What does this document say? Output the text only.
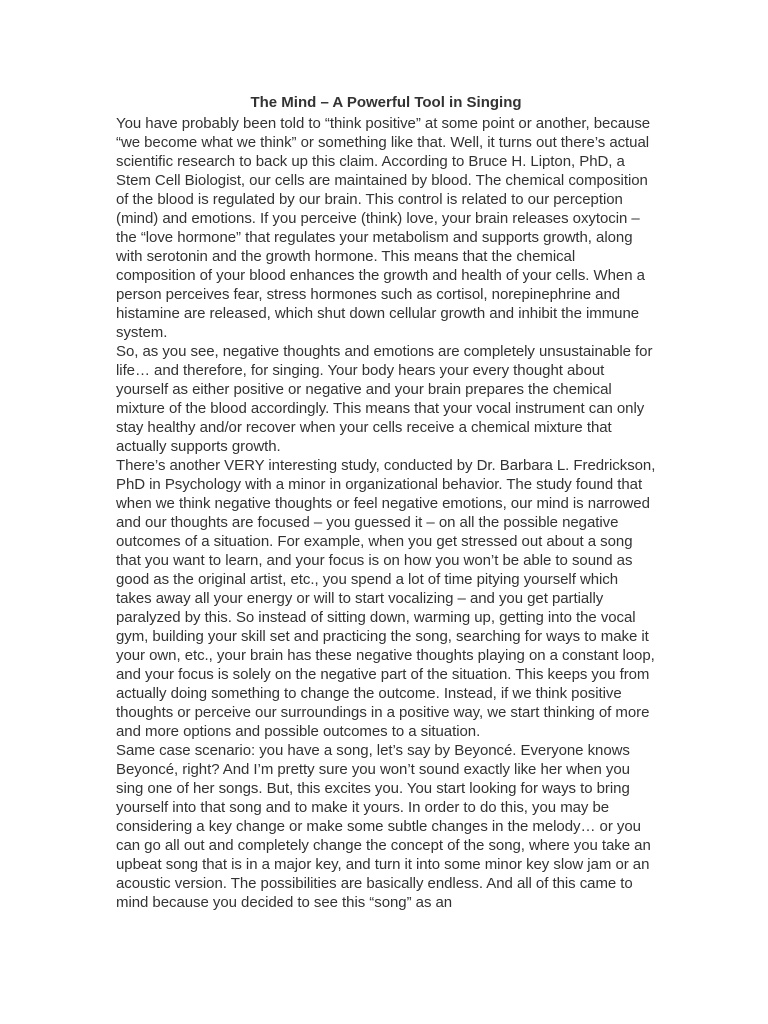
The Mind – A Powerful Tool in Singing

You have probably been told to “think positive” at some point or another, because “we become what we think” or something like that. Well, it turns out there’s actual scientific research to back up this claim. According to Bruce H. Lipton, PhD, a Stem Cell Biologist, our cells are maintained by blood. The chemical composition of the blood is regulated by our brain. This control is related to our perception (mind) and emotions. If you perceive (think) love, your brain releases oxytocin – the “love hormone” that regulates your metabolism and supports growth, along with serotonin and the growth hormone. This means that the chemical composition of your blood enhances the growth and health of your cells. When a person perceives fear, stress hormones such as cortisol, norepinephrine and histamine are released, which shut down cellular growth and inhibit the immune system.

So, as you see, negative thoughts and emotions are completely unsustainable for life… and therefore, for singing. Your body hears your every thought about yourself as either positive or negative and your brain prepares the chemical mixture of the blood accordingly. This means that your vocal instrument can only stay healthy and/or recover when your cells receive a chemical mixture that actually supports growth.

There’s another VERY interesting study, conducted by Dr. Barbara L. Fredrickson, PhD in Psychology with a minor in organizational behavior. The study found that when we think negative thoughts or feel negative emotions, our mind is narrowed and our thoughts are focused – you guessed it – on all the possible negative outcomes of a situation. For example, when you get stressed out about a song that you want to learn, and your focus is on how you won’t be able to sound as good as the original artist, etc., you spend a lot of time pitying yourself which takes away all your energy or will to start vocalizing – and you get partially paralyzed by this. So instead of sitting down, warming up, getting into the vocal gym, building your skill set and practicing the song, searching for ways to make it your own, etc., your brain has these negative thoughts playing on a constant loop, and your focus is solely on the negative part of the situation. This keeps you from actually doing something to change the outcome. Instead, if we think positive thoughts or perceive our surroundings in a positive way, we start thinking of more and more options and possible outcomes to a situation.

Same case scenario: you have a song, let’s say by Beyoncé. Everyone knows Beyoncé, right? And I’m pretty sure you won’t sound exactly like her when you sing one of her songs. But, this excites you. You start looking for ways to bring yourself into that song and to make it yours. In order to do this, you may be considering a key change or make some subtle changes in the melody… or you can go all out and completely change the concept of the song, where you take an upbeat song that is in a major key, and turn it into some minor key slow jam or an acoustic version. The possibilities are basically endless. And all of this came to mind because you decided to see this “song” as an
